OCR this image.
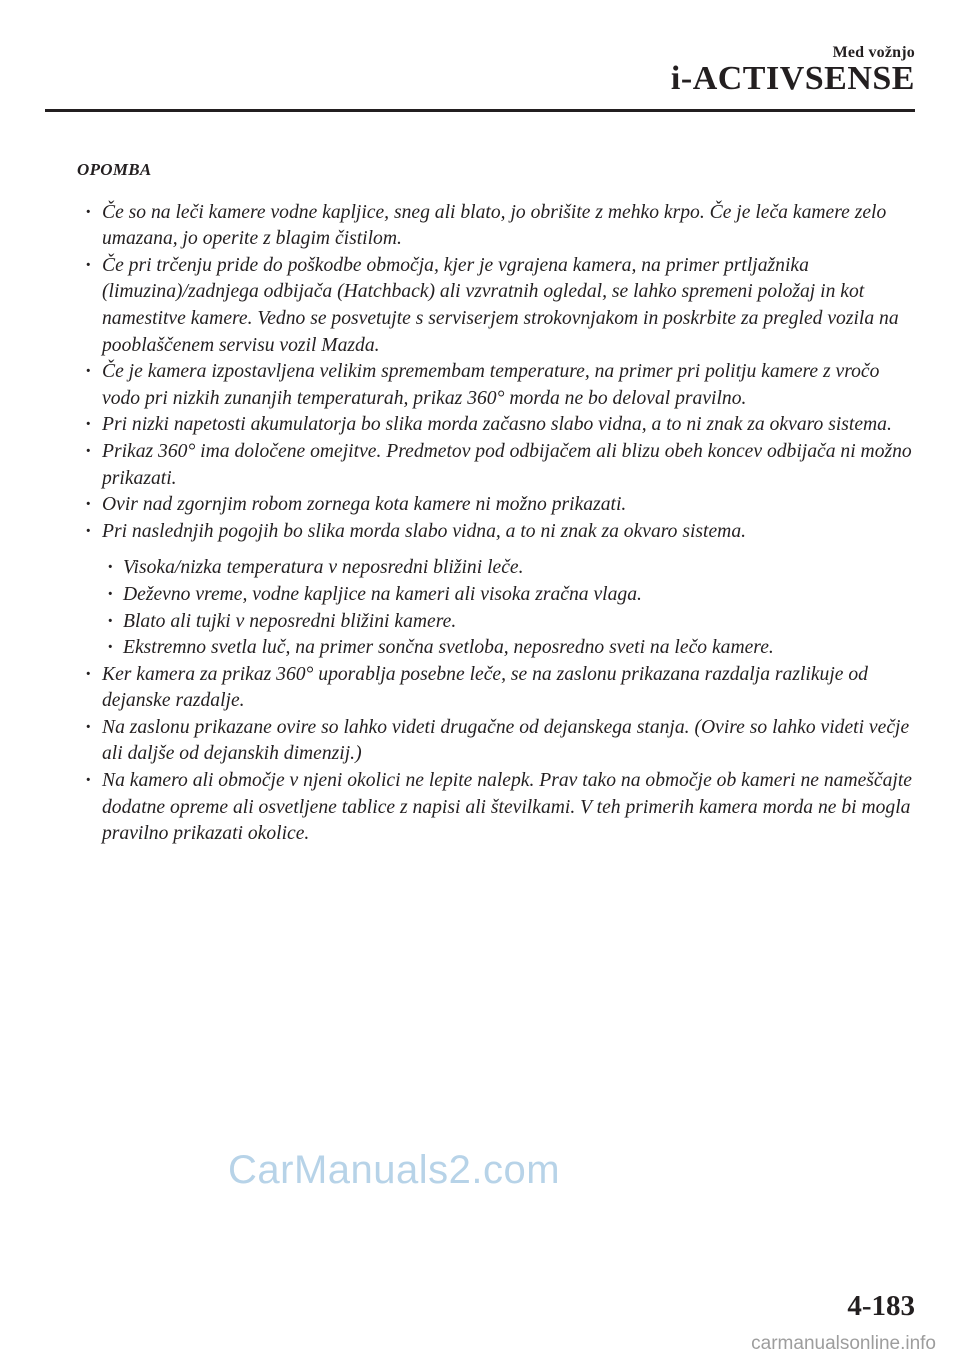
Med vožnjo
i-ACTIVSENSE
OPOMBA
· Če so na leči kamere vodne kapljice, sneg ali blato, jo obrišite z mehko krpo. Če je leča kamere zelo umazana, jo operite z blagim čistilom.
· Če pri trčenju pride do poškodbe območja, kjer je vgrajena kamera, na primer prtljažnika (limuzina)/zadnjega odbijača (Hatchback) ali vzvratnih ogledal, se lahko spremeni položaj in kot namestitve kamere. Vedno se posvetujte s serviserjem strokovnjakom in poskrbite za pregled vozila na pooblaščenem servisu vozil Mazda.
· Če je kamera izpostavljena velikim spremembam temperature, na primer pri politju kamere z vročo vodo pri nizkih zunanjih temperaturah, prikaz 360° morda ne bo deloval pravilno.
· Pri nizki napetosti akumulatorja bo slika morda začasno slabo vidna, a to ni znak za okvaro sistema.
· Prikaz 360° ima določene omejitve. Predmetov pod odbijačem ali blizu obeh koncev odbijača ni možno prikazati.
· Ovir nad zgornjim robom zornega kota kamere ni možno prikazati.
· Pri naslednjih pogojih bo slika morda slabo vidna, a to ni znak za okvaro sistema.
· Visoka/nizka temperatura v neposredni bližini leče.
· Deževno vreme, vodne kapljice na kameri ali visoka zračna vlaga.
· Blato ali tujki v neposredni bližini kamere.
· Ekstremno svetla luč, na primer sončna svetloba, neposredno sveti na lečo kamere.
· Ker kamera za prikaz 360° uporablja posebne leče, se na zaslonu prikazana razdalja razlikuje od dejanske razdalje.
· Na zaslonu prikazane ovire so lahko videti drugačne od dejanskega stanja. (Ovire so lahko videti večje ali daljše od dejanskih dimenzij.)
· Na kamero ali območje v njeni okolici ne lepite nalepk. Prav tako na območje ob kameri ne nameščajte dodatne opreme ali osvetljene tablice z napisi ali številkami. V teh primerih kamera morda ne bi mogla pravilno prikazati okolice.
CarManuals2.com
4-183
carmanualsonline.info
